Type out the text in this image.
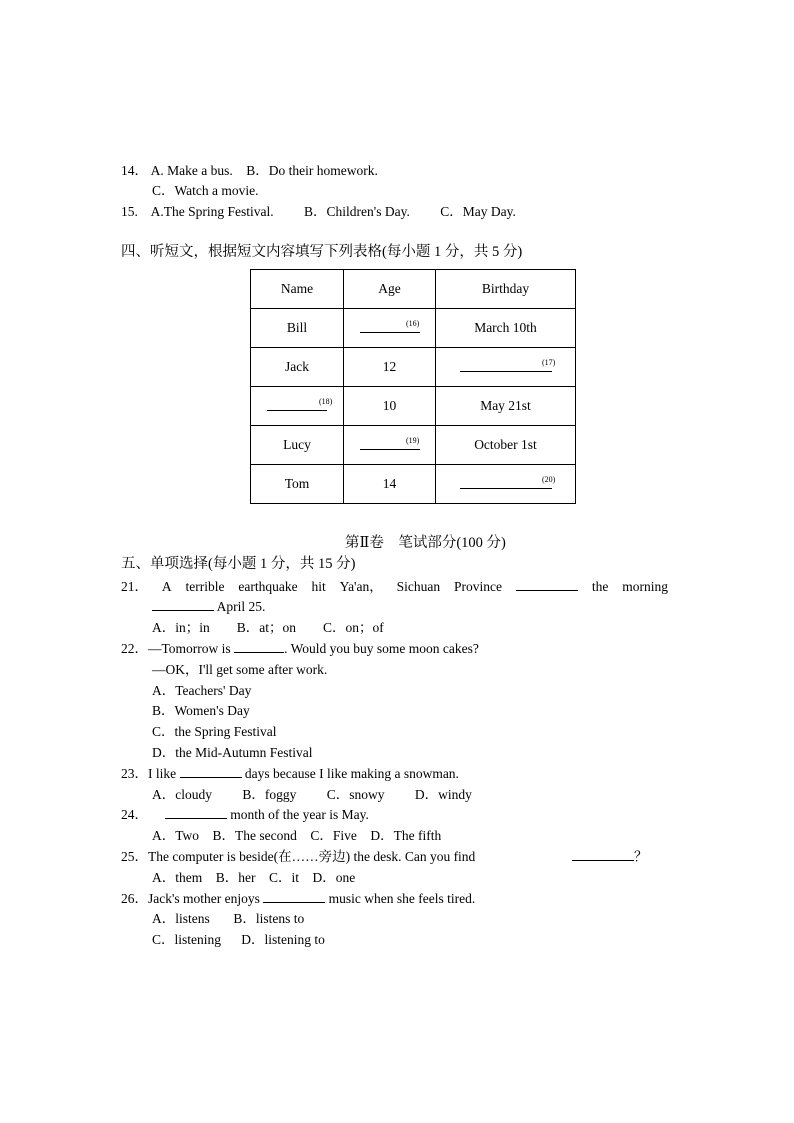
14． A. Make a bus. B．Do their homework.
C．Watch a movie.
15. A.The Spring Festival. B．Children's Day. C．May Day.
四、听短文，根据短文内容填写下列表格(每小题 1 分，共 5 分)
Name	Age	Birthday
Bill	(16)	March 10th
Jack	12	(17)

(18)	10	May 21st
Lucy	(19)	October 1st
Tom	14	(20)
第Ⅱ卷　笔试部分(100 分)
五、单项选择(每小题 1 分，共 15 分)
21． A terrible earthquake hit Ya'an， Sichuan Province	the morning
April 25.
A．in；in　　B．at；on　　C．on；of
22．—Tomorrow is	. Would you buy some moon cakes?
—OK，I'll get some after work.
A．Teachers' Day
B．Women's Day
C．the Spring Festival
D．the Mid-Autumn Festival
23．I like	days because I like making a snowman.
A．cloudy B．foggy C．snowy D．windy
24．	month of the year is May.
A．Two　B．The second　C．Five　D．The fifth
25．The computer is beside(在……旁边) the desk. Can you find	？
A．them　B．her　C．it　D．one
26．Jack's mother enjoys	music when she feels tired.
A．listens B．listens to
C．listening D．listening to
